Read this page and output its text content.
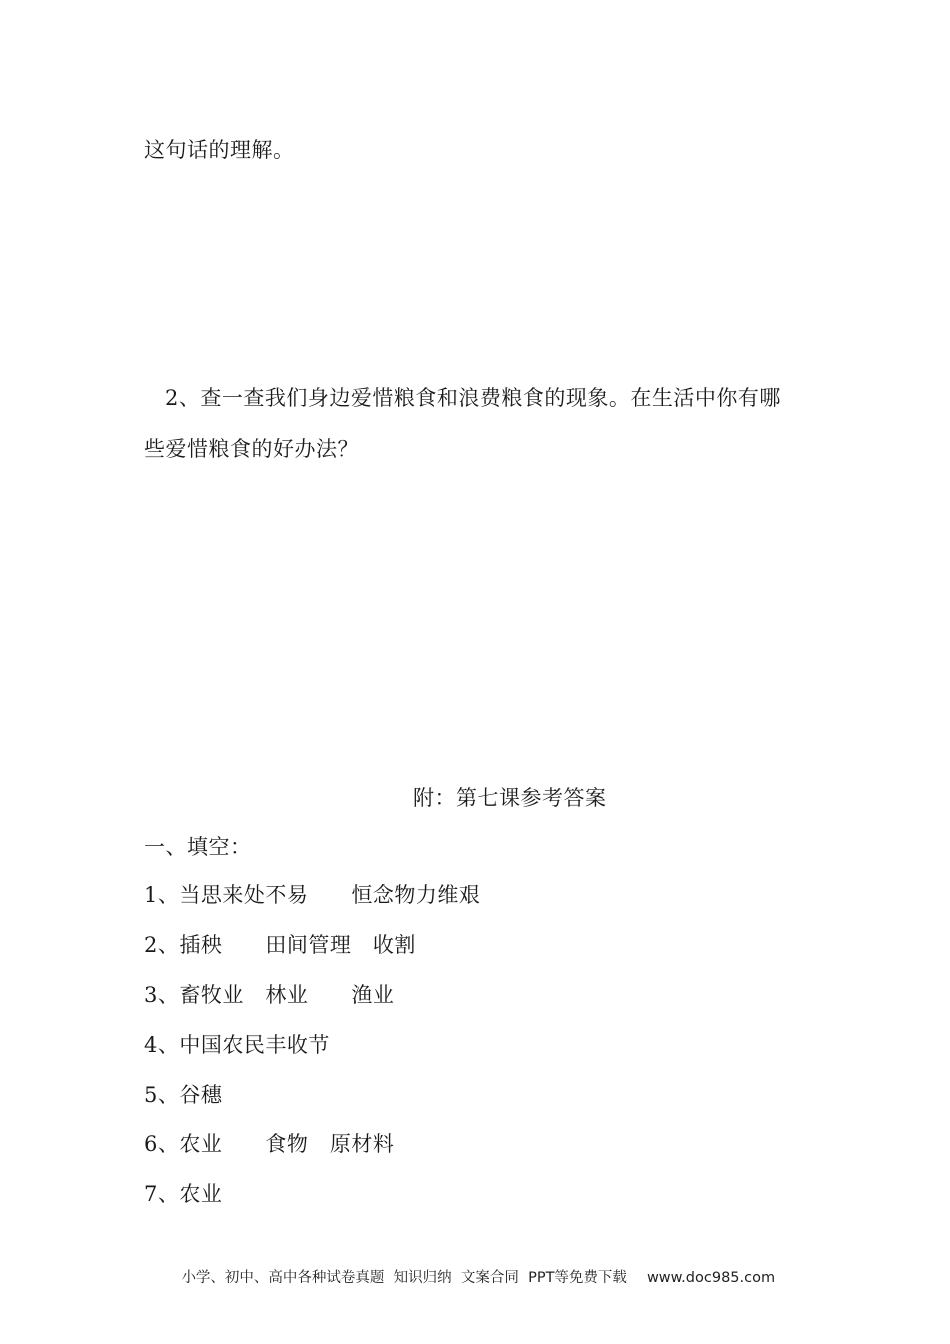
这句话的理解。
2、查一查我们身边爱惜粮食和浪费粮食的现象。在生活中你有哪
些爱惜粮食的好办法？
附：第七课参考答案
一、填空：
1、当思来处不易　　恒念物力维艰
2、插秧　　田间管理　收割
3、畜牧业　林业　　渔业
4、中国农民丰收节
5、谷穗
6、农业　　食物　原材料
7、农业

小学、初中、高中各种试卷真题  知识归纳  文案合同  PPT等免费下载 www.doc985.com
